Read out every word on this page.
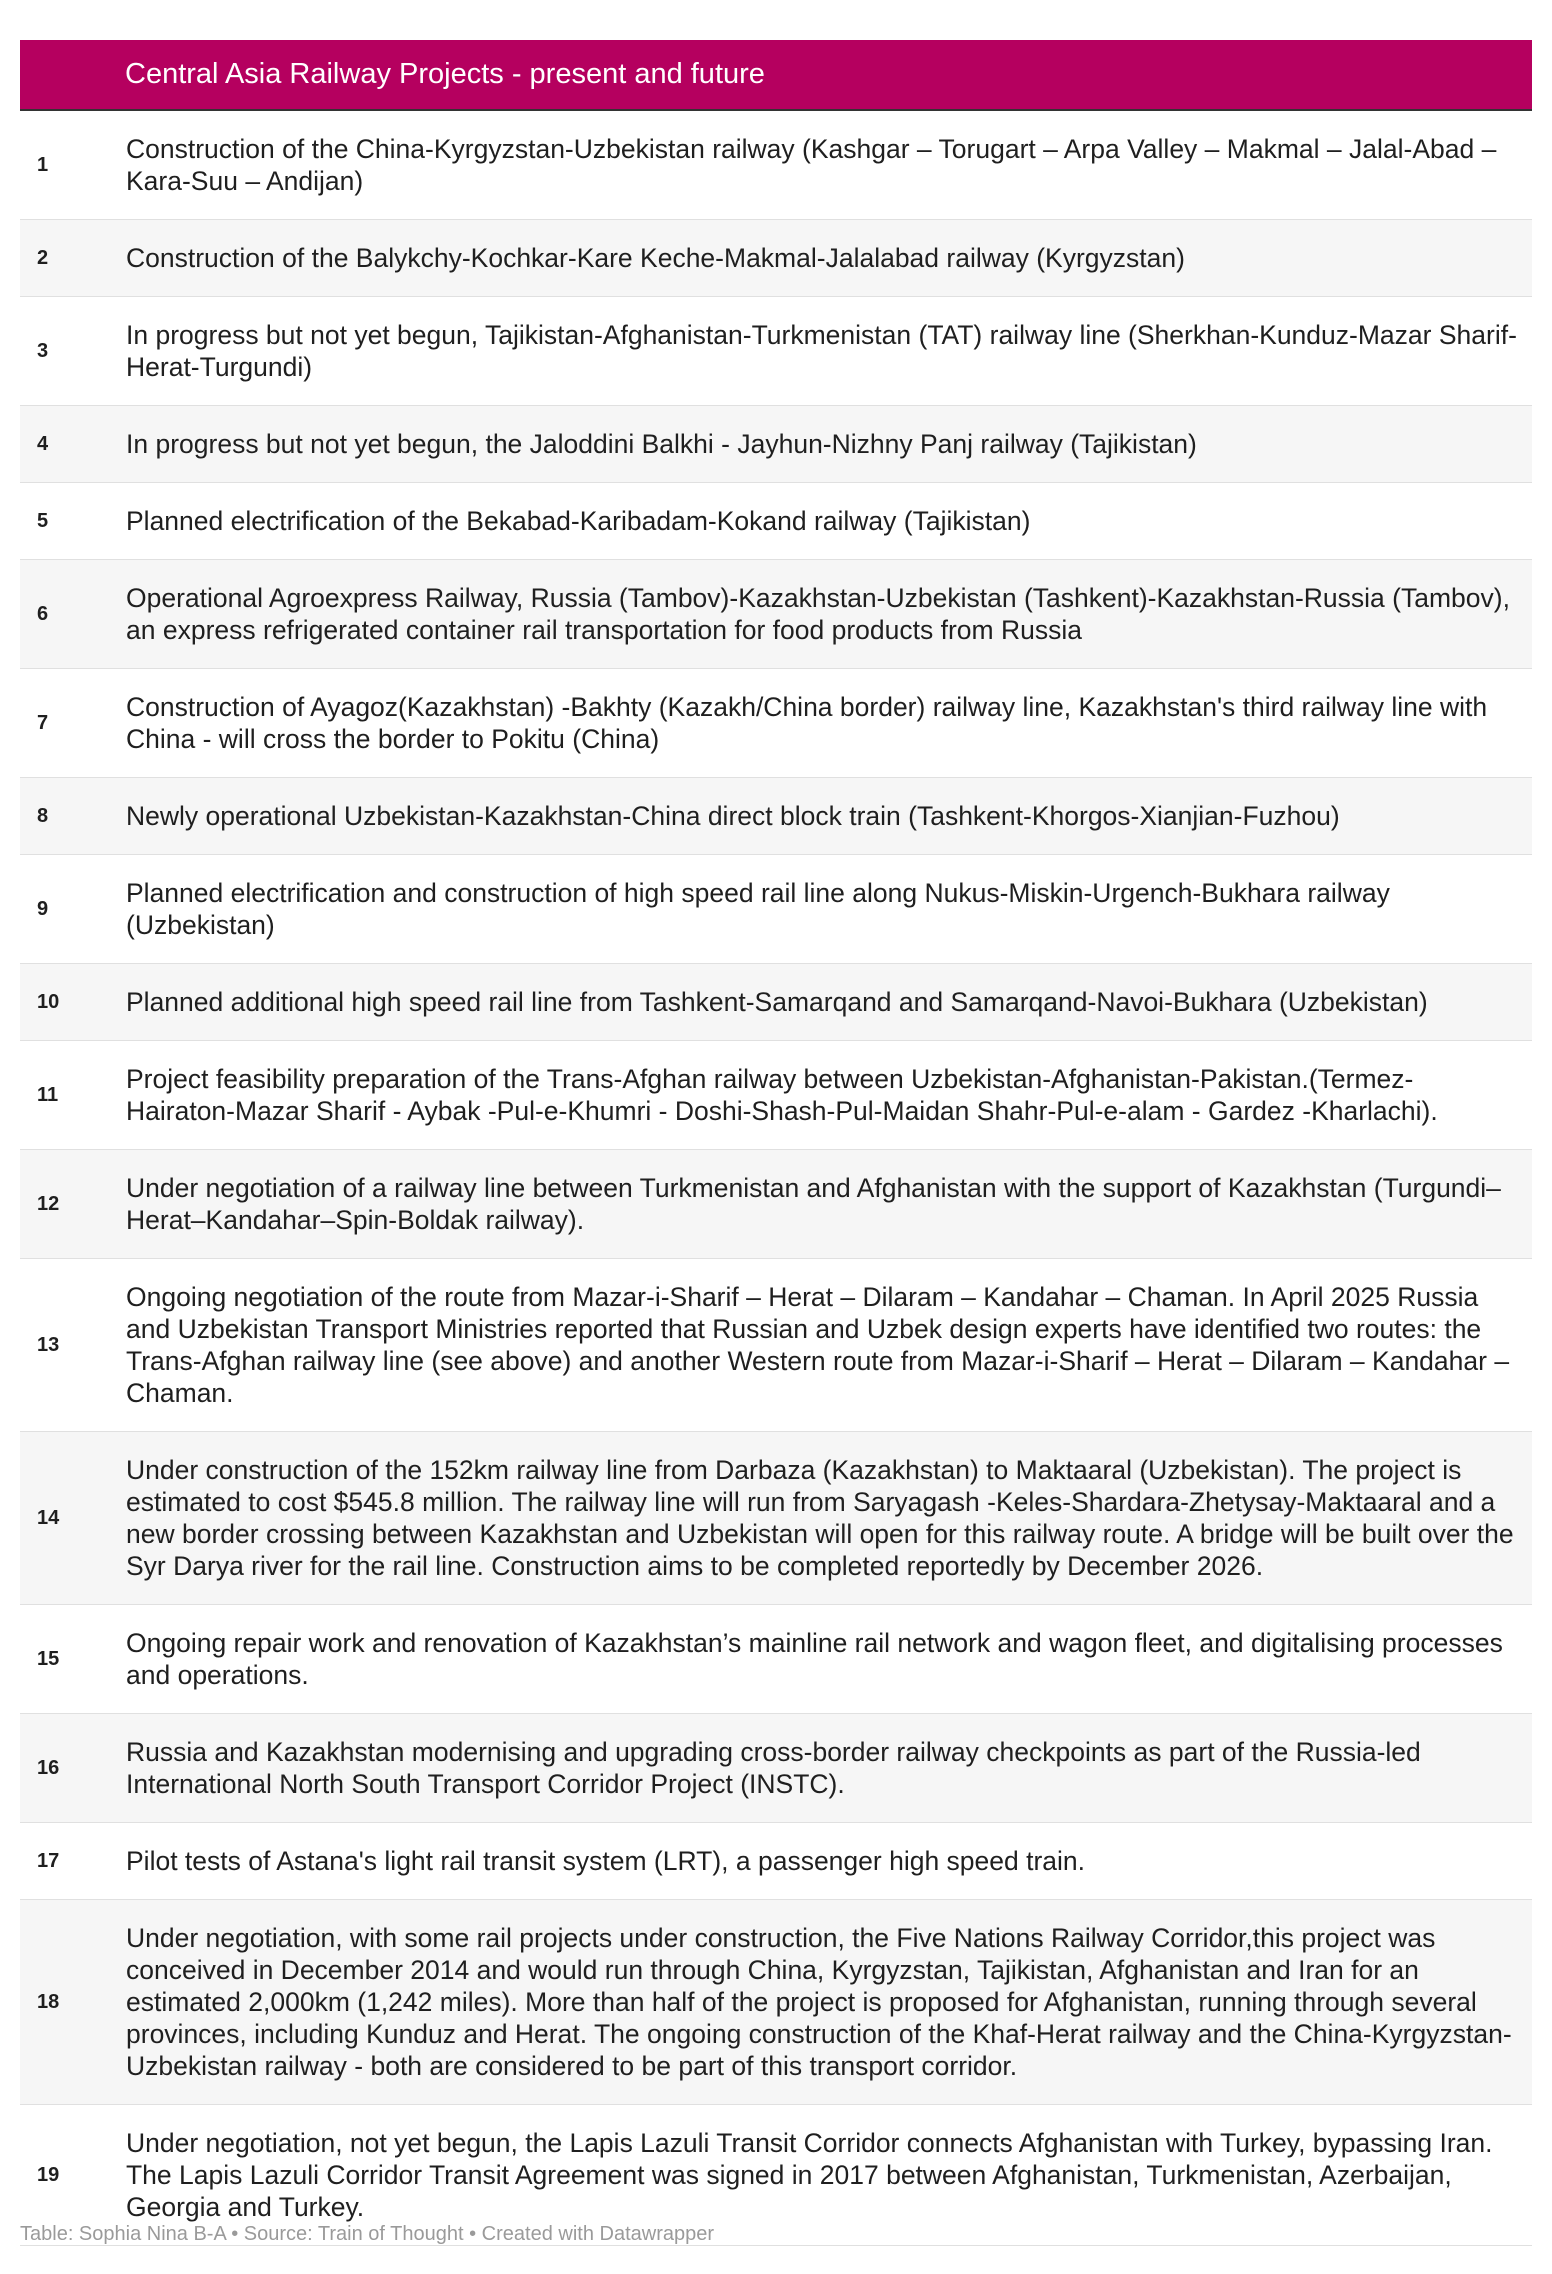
	Central Asia Railway Projects - present and future
1	Construction of the China-Kyrgyzstan-Uzbekistan railway (Kashgar – Torugart – Arpa Valley – Makmal – Jalal-Abad – Kara-Suu – Andijan)
2	Construction of the Balykchy-Kochkar-Kare Keche-Makmal-Jalalabad railway (Kyrgyzstan)
3	In progress but not yet begun, Tajikistan-Afghanistan-Turkmenistan (TAT) railway line (Sherkhan-Kunduz-Mazar Sharif-Herat-Turgundi)
4	In progress but not yet begun, the Jaloddini Balkhi - Jayhun-Nizhny Panj railway (Tajikistan)
5	Planned electrification of the Bekabad-Karibadam-Kokand railway (Tajikistan)
6	Operational Agroexpress Railway, Russia (Tambov)-Kazakhstan-Uzbekistan (Tashkent)-Kazakhstan-Russia (Tambov), an express refrigerated container rail transportation for food products from Russia
7	Construction of Ayagoz(Kazakhstan) -Bakhty (Kazakh/China border) railway line, Kazakhstan's third railway line with China - will cross the border to Pokitu (China)
8	Newly operational Uzbekistan-Kazakhstan-China direct block train (Tashkent-Khorgos-Xianjian-Fuzhou)
9	Planned electrification and construction of high speed rail line along Nukus-Miskin-Urgench-Bukhara railway (Uzbekistan)
10	Planned additional high speed rail line from Tashkent-Samarqand and Samarqand-Navoi-Bukhara (Uzbekistan)
11	Project feasibility preparation of the Trans-Afghan railway between Uzbekistan-Afghanistan-Pakistan.(Termez-Hairaton-Mazar Sharif - Aybak -Pul-e-Khumri - Doshi-Shash-Pul-Maidan Shahr-Pul-e-alam - Gardez -Kharlachi).
12	Under negotiation of a railway line between Turkmenistan and Afghanistan with the support of Kazakhstan (Turgundi–Herat–Kandahar–Spin-Boldak railway).
13	Ongoing negotiation of the route from Mazar-i-Sharif – Herat – Dilaram – Kandahar – Chaman. In April 2025 Russia and Uzbekistan Transport Ministries reported that Russian and Uzbek design experts have identified two routes: the Trans-Afghan railway line (see above) and another Western route from Mazar-i-Sharif – Herat – Dilaram – Kandahar – Chaman.
14	Under construction of the 152km railway line from Darbaza (Kazakhstan) to Maktaaral (Uzbekistan). The project is estimated to cost $545.8 million. The railway line will run from Saryagash -Keles-Shardara-Zhetysay-Maktaaral and a new border crossing between Kazakhstan and Uzbekistan will open for this railway route. A bridge will be built over the Syr Darya river for the rail line. Construction aims to be completed reportedly by December 2026.
15	Ongoing repair work and renovation of Kazakhstan’s mainline rail network and wagon fleet, and digitalising processes and operations.
16	Russia and Kazakhstan modernising and upgrading cross-border railway checkpoints as part of the Russia-led International North South Transport Corridor Project (INSTC).
17	Pilot tests of Astana's light rail transit system (LRT), a passenger high speed train.
18	Under negotiation, with some rail projects under construction, the Five Nations Railway Corridor,this project was conceived in December 2014 and would run through China, Kyrgyzstan, Tajikistan, Afghanistan and Iran for an estimated 2,000km (1,242 miles). More than half of the project is proposed for Afghanistan, running through several provinces, including Kunduz and Herat. The ongoing construction of the Khaf-Herat railway and the China-Kyrgyzstan-Uzbekistan railway - both are considered to be part of this transport corridor.
19	Under negotiation, not yet begun, the Lapis Lazuli Transit Corridor connects Afghanistan with Turkey, bypassing Iran. The Lapis Lazuli Corridor Transit Agreement was signed in 2017 between Afghanistan, Turkmenistan, Azerbaijan, Georgia and Turkey.
Table: Sophia Nina B-A • Source: Train of Thought • Created with Datawrapper
